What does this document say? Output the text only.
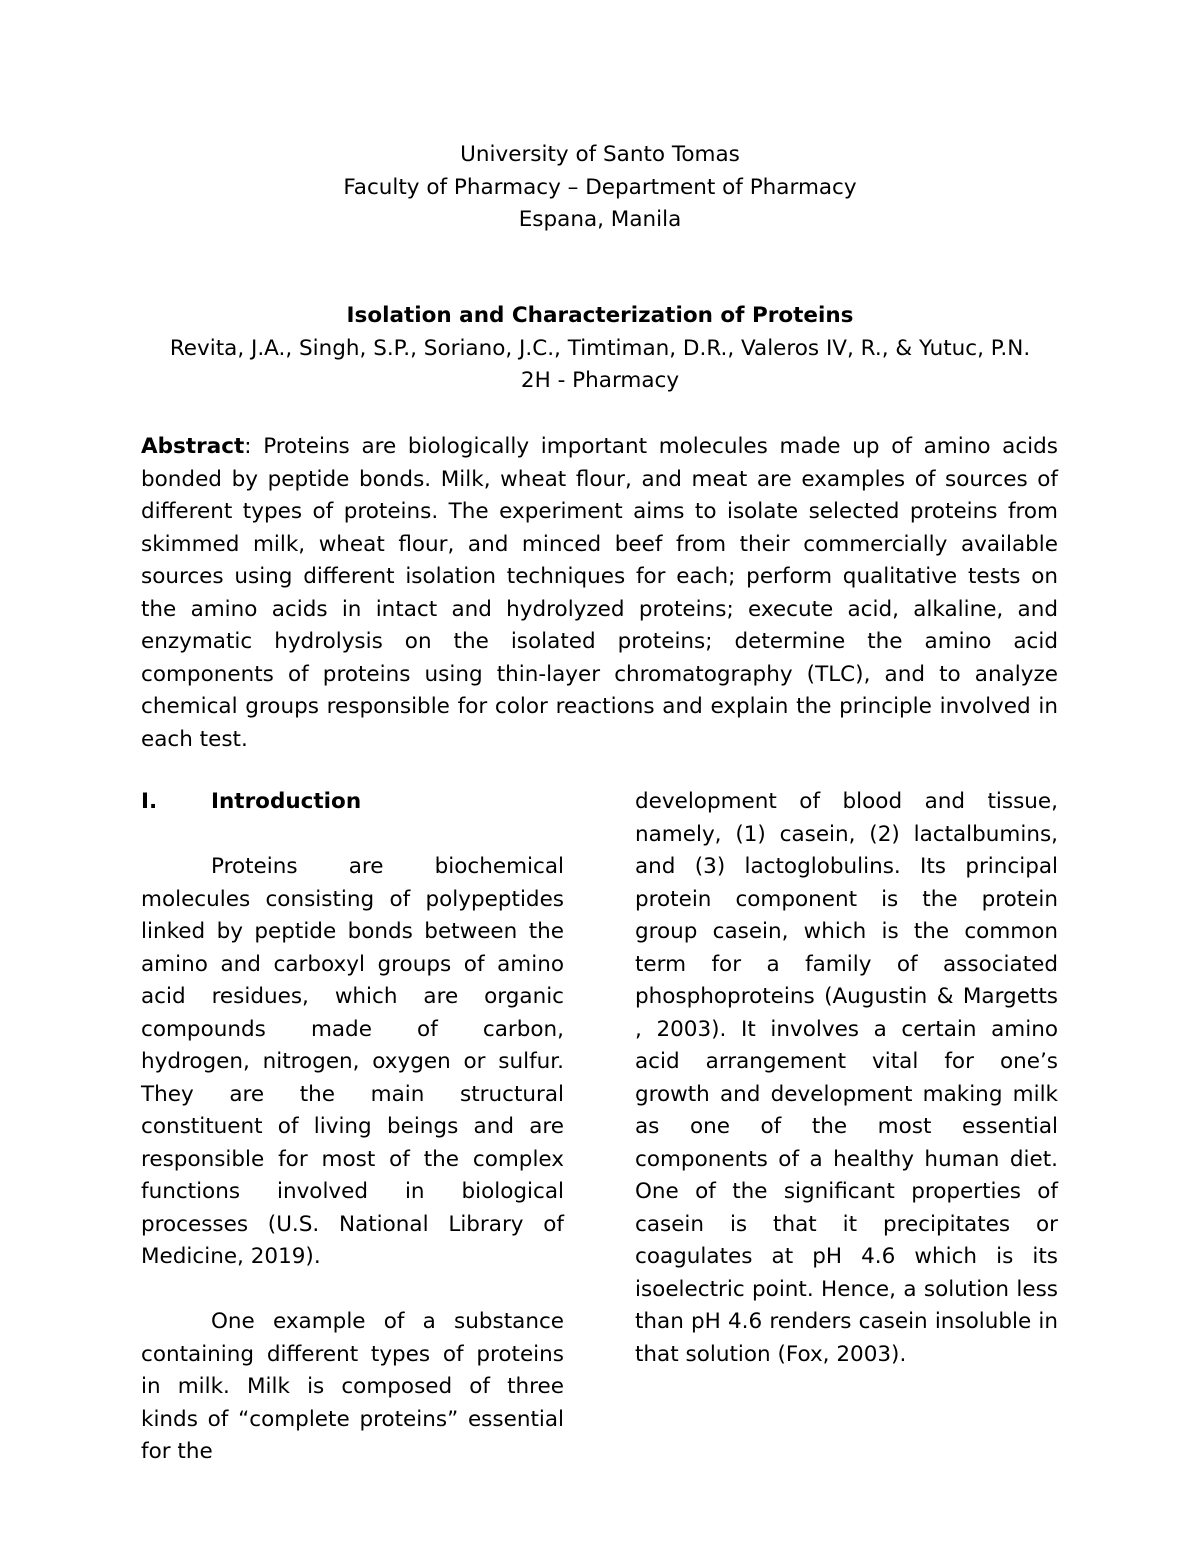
University of Santo Tomas

Faculty of Pharmacy – Department of Pharmacy

Espana, Manila

Isolation and Characterization of Proteins

Revita, J.A., Singh, S.P., Soriano, J.C., Timtiman, D.R., Valeros IV, R., & Yutuc, P.N.

2H - Pharmacy

Abstract: Proteins are biologically important molecules made up of amino acids bonded by peptide bonds. Milk, wheat flour, and meat are examples of sources of different types of proteins. The experiment aims to isolate selected proteins from skimmed milk, wheat flour, and minced beef from their commercially available sources using different isolation techniques for each; perform qualitative tests on the amino acids in intact and hydrolyzed proteins; execute acid, alkaline, and enzymatic hydrolysis on the isolated proteins; determine the amino acid components of proteins using thin-layer chromatography (TLC), and to analyze chemical groups responsible for color reactions and explain the principle involved in each test.

I.	Introduction

Proteins are biochemical molecules consisting of polypeptides linked by peptide bonds between the amino and carboxyl groups of amino acid residues, which are organic compounds made of carbon, hydrogen, nitrogen, oxygen or sulfur. They are the main structural constituent of living beings and are responsible for most of the complex functions involved in biological processes (U.S. National Library of Medicine, 2019).

One example of a substance containing different types of proteins in milk. Milk is composed of three kinds of “complete proteins” essential for the

development of blood and tissue, namely, (1) casein, (2) lactalbumins, and (3) lactoglobulins. Its principal protein component is the protein group casein, which is the common term for a family of associated phosphoproteins (Augustin & Margetts , 2003). It involves a certain amino acid arrangement vital for one’s growth and development making milk as one of the most essential components of a healthy human diet. One of the significant properties of casein is that it precipitates or coagulates at pH 4.6 which is its isoelectric point. Hence, a solution less than pH 4.6 renders casein insoluble in that solution (Fox, 2003).
